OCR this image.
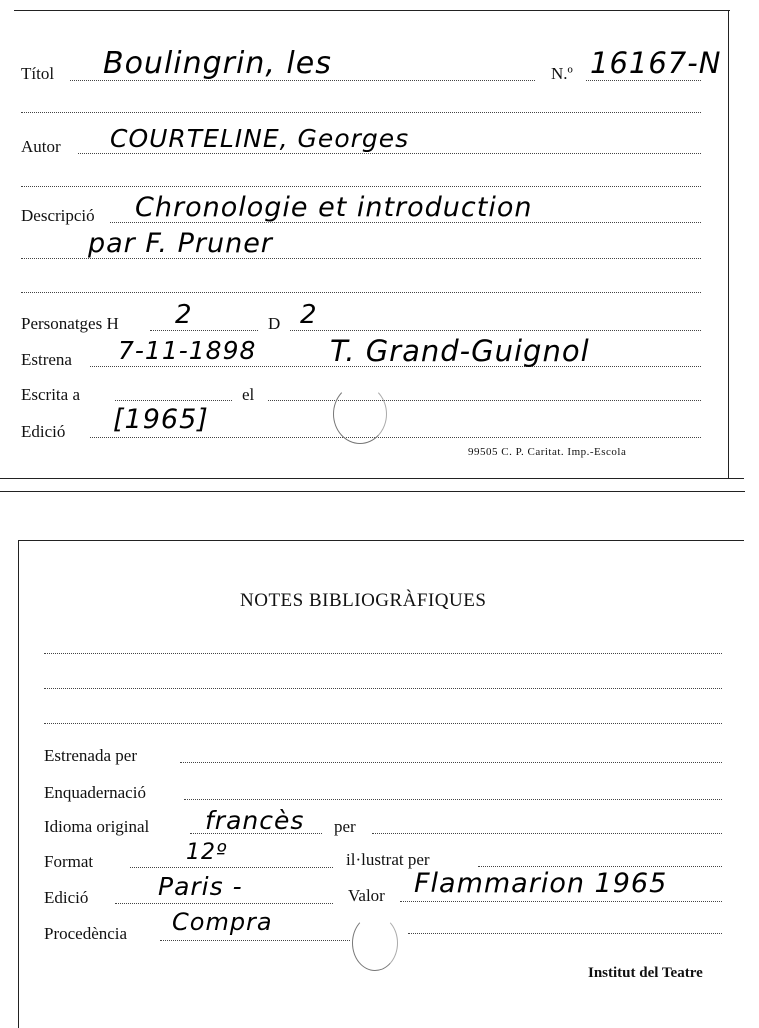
Títol Boulingrin, les	N.º 16167-N
Autor COURTELINE, Georges
Descripció Chronologie et introduction
par F. Pruner
Personatges H 2	D 2
Estrena 7-11-1898	T. Grand-Guignol
Escrita a	el
Edició [1965]
99505 C. P. Caritat. Imp.-Escola
NOTES BIBLIOGRÀFIQUES
Estrenada per
Enquadernació
Idioma original francès per
Format	12º	il·lustrat per
Edició	Paris -	Valor Flammarion 1965
Procedència Compra
Institut del Teatre
